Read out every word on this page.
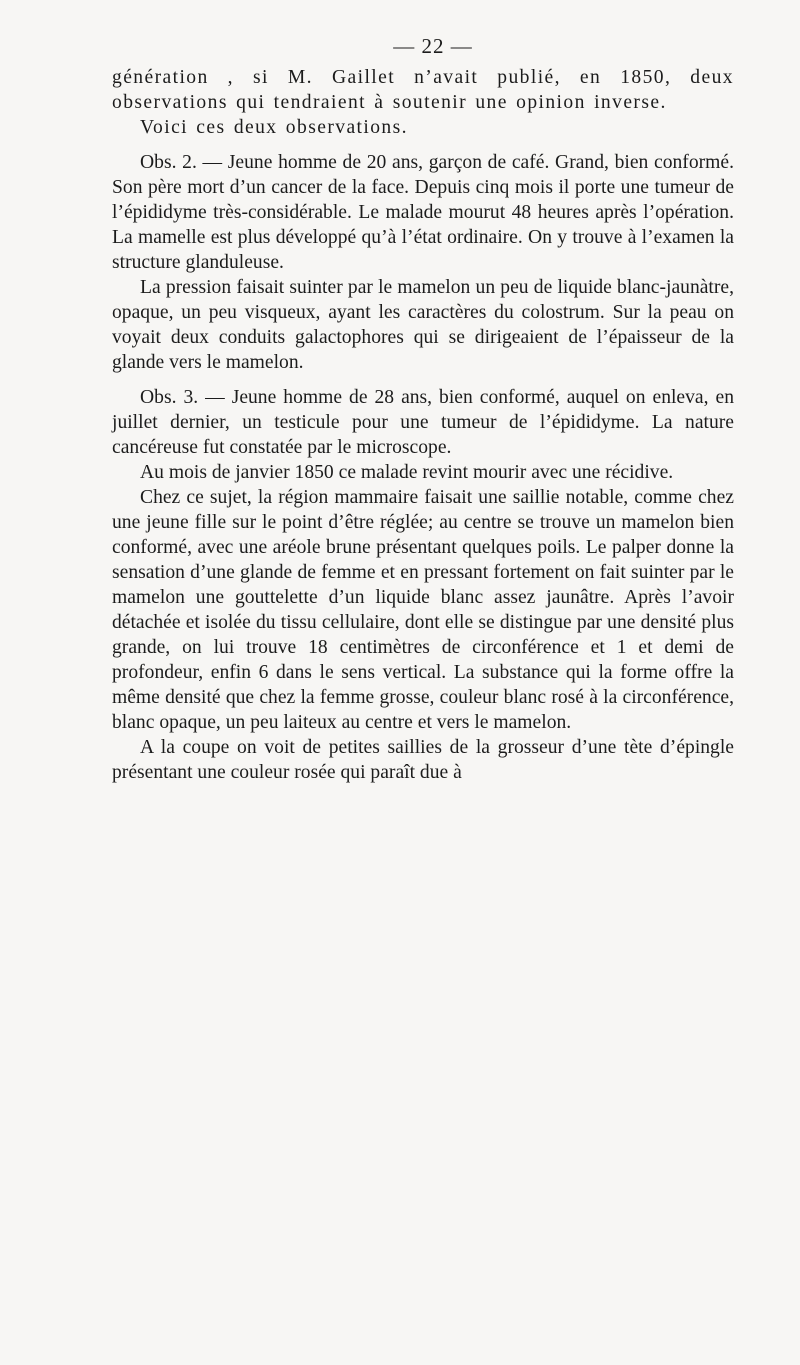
— 22 —

génération , si M. Gaillet n’avait publié, en 1850, deux observations qui tendraient à soutenir une opinion inverse.

Voici ces deux observations.

Obs. 2. — Jeune homme de 20 ans, garçon de café. Grand, bien conformé. Son père mort d’un cancer de la face. Depuis cinq mois il porte une tumeur de l’épididyme très-considérable. Le malade mourut 48 heures après l’opération. La mamelle est plus développé qu’à l’état ordinaire. On y trouve à l’examen la structure glanduleuse.

La pression faisait suinter par le mamelon un peu de liquide blanc-jaunàtre, opaque, un peu visqueux, ayant les caractères du colostrum. Sur la peau on voyait deux conduits galactophores qui se dirigeaient de l’épaisseur de la glande vers le mamelon.

Obs. 3. — Jeune homme de 28 ans, bien conformé, auquel on enleva, en juillet dernier, un testicule pour une tumeur de l’épididyme. La nature cancéreuse fut constatée par le microscope.

Au mois de janvier 1850 ce malade revint mourir avec une récidive.

Chez ce sujet, la région mammaire faisait une saillie notable, comme chez une jeune fille sur le point d’être réglée; au centre se trouve un mamelon bien conformé, avec une aréole brune présentant quelques poils. Le palper donne la sensation d’une glande de femme et en pressant fortement on fait suinter par le mamelon une gouttelette d’un liquide blanc assez jaunâtre. Après l’avoir détachée et isolée du tissu cellulaire, dont elle se distingue par une densité plus grande, on lui trouve 18 centimètres de circonférence et 1 et demi de profondeur, enfin 6 dans le sens vertical. La substance qui la forme offre la même densité que chez la femme grosse, couleur blanc rosé à la circonférence, blanc opaque, un peu laiteux au centre et vers le mamelon.

A la coupe on voit de petites saillies de la grosseur d’une tète d’épingle présentant une couleur rosée qui paraît due à
